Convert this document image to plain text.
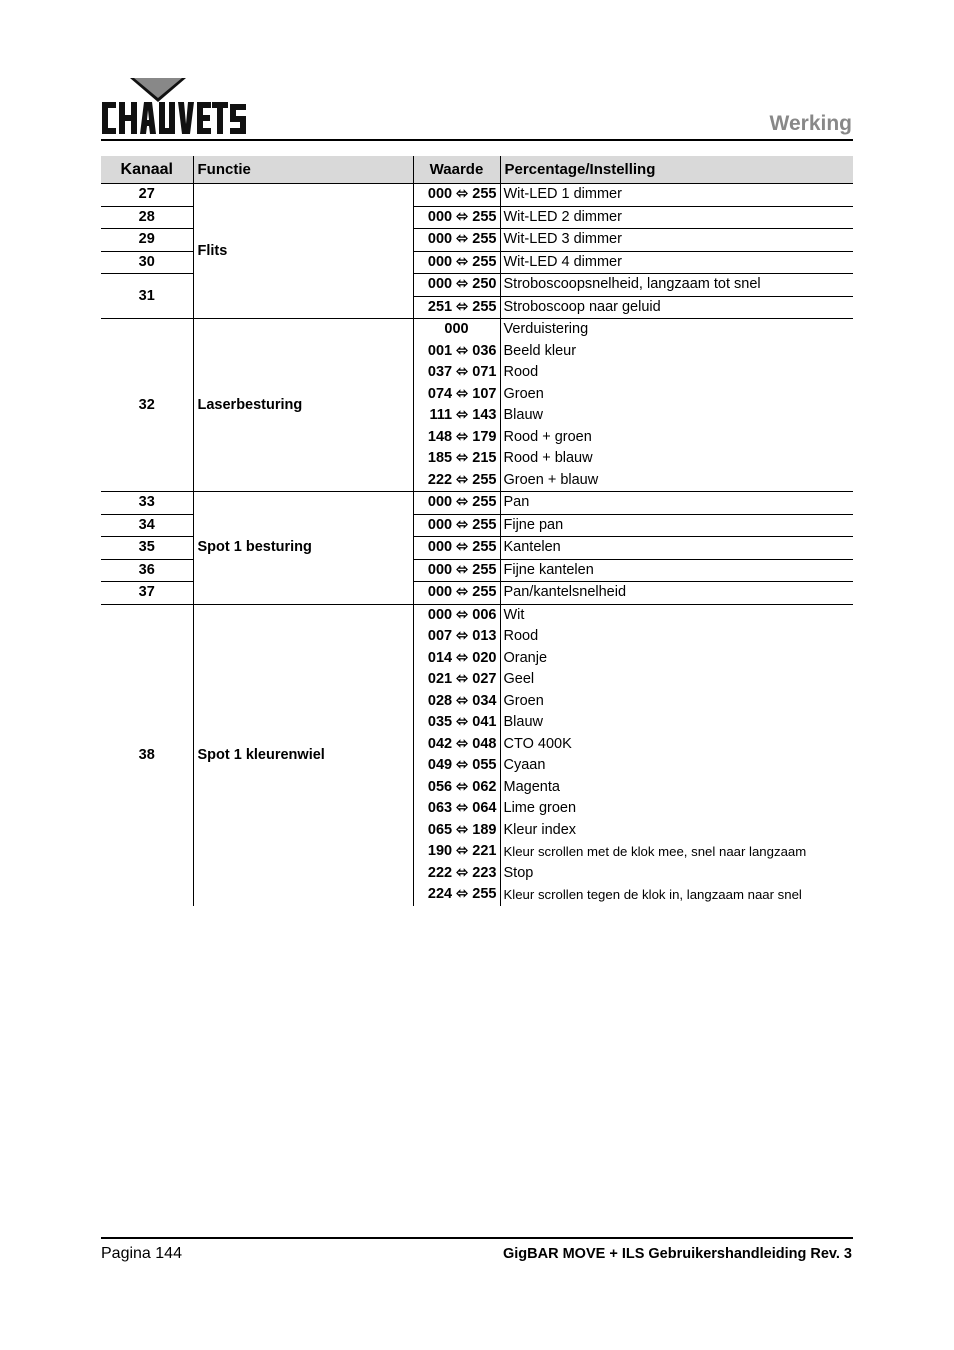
Werking
Kanaal	Functie	Waarde	Percentage/Instelling
27	Flits	000 ⬄ 255	Wit-LED 1 dimmer
28		000 ⬄ 255	Wit-LED 2 dimmer
29		000 ⬄ 255	Wit-LED 3 dimmer
30		000 ⬄ 255	Wit-LED 4 dimmer
31		000 ⬄ 250	Stroboscoopsnelheid, langzaam tot snel
		251 ⬄ 255	Stroboscoop naar geluid
32	Laserbesturing	000	Verduistering
		001 ⬄ 036	Beeld kleur
		037 ⬄ 071	Rood
		074 ⬄ 107	Groen
		111 ⬄ 143	Blauw
		148 ⬄ 179	Rood + groen
		185 ⬄ 215	Rood + blauw
		222 ⬄ 255	Groen + blauw
33	Spot 1 besturing	000 ⬄ 255	Pan
34		000 ⬄ 255	Fijne pan
35		000 ⬄ 255	Kantelen
36		000 ⬄ 255	Fijne kantelen
37		000 ⬄ 255	Pan/kantelsnelheid
38	Spot 1 kleurenwiel	000 ⬄ 006	Wit
		007 ⬄ 013	Rood
		014 ⬄ 020	Oranje
		021 ⬄ 027	Geel
		028 ⬄ 034	Groen
		035 ⬄ 041	Blauw
		042 ⬄ 048	CTO 400K
		049 ⬄ 055	Cyaan
		056 ⬄ 062	Magenta
		063 ⬄ 064	Lime groen
		065 ⬄ 189	Kleur index
		190 ⬄ 221	Kleur scrollen met de klok mee, snel naar langzaam
		222 ⬄ 223	Stop
		224 ⬄ 255	Kleur scrollen tegen de klok in, langzaam naar snel
Pagina 144	GigBAR MOVE + ILS Gebruikershandleiding Rev. 3
